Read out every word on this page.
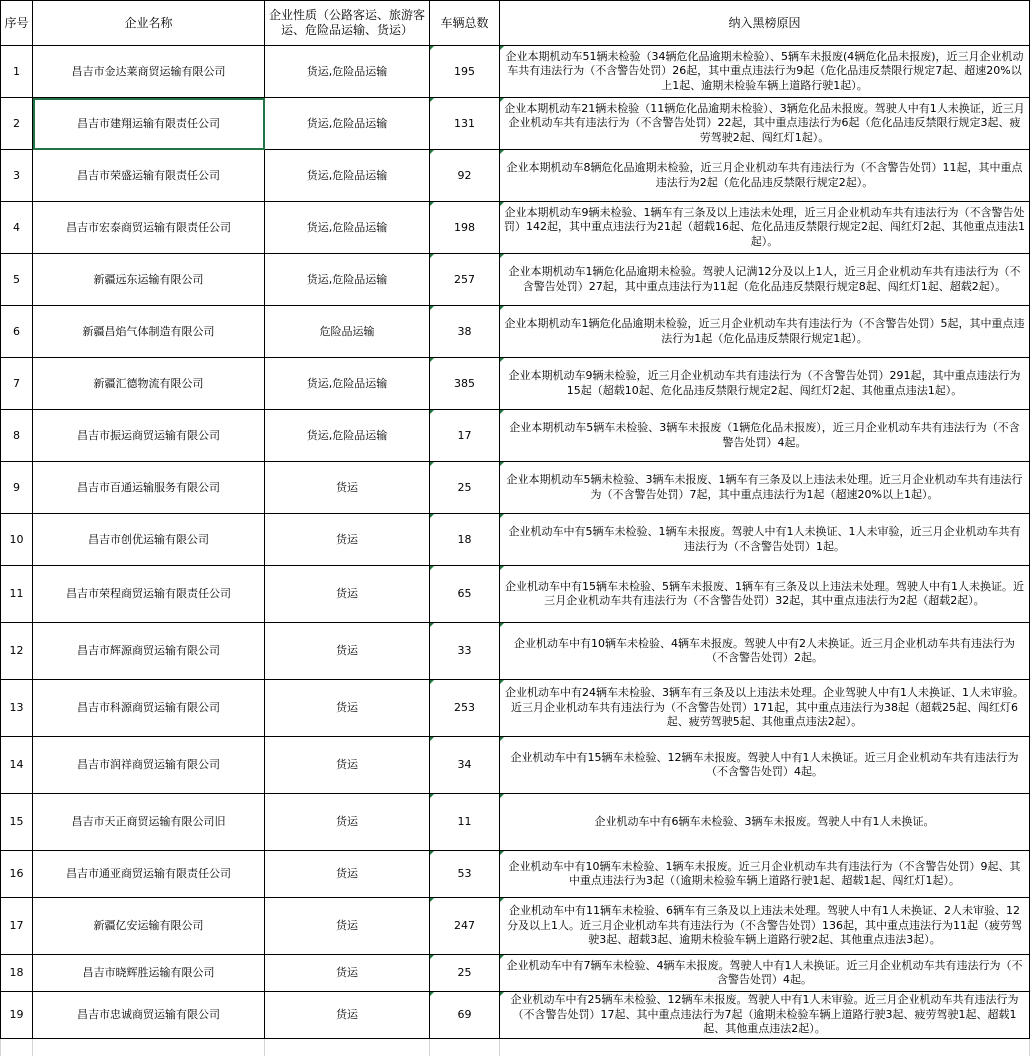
序号	企业名称	企业性质（公路客运、旅游客运、危险品运输、货运）	车辆总数	纳入黑榜原因
1	昌吉市金达莱商贸运输有限公司	货运,危险品运输	195	企业本期机动车51辆未检验（34辆危化品逾期未检验）、5辆车未报废(4辆危化品未报废)，近三月企业机动车共有违法行为（不含警告处罚）26起，其中重点违法行为9起（危化品违反禁限行规定7起、超速20%以上1起、逾期未检验车辆上道路行驶1起）。
2	昌吉市建翔运输有限责任公司	货运,危险品运输	131	企业本期机动车21辆未检验（11辆危化品逾期未检验）、3辆危化品未报废。驾驶人中有1人未换证，近三月企业机动车共有违法行为（不含警告处罚）22起，其中重点违法行为6起（危化品违反禁限行规定3起、疲劳驾驶2起、闯红灯1起）。
3	昌吉市荣盛运输有限责任公司	货运,危险品运输	92	企业本期机动车8辆危化品逾期未检验，近三月企业机动车共有违法行为（不含警告处罚）11起，其中重点违法行为2起（危化品违反禁限行规定2起）。
4	昌吉市宏泰商贸运输有限责任公司	货运,危险品运输	198	企业本期机动车9辆未检验、1辆车有三条及以上违法未处理，近三月企业机动车共有违法行为（不含警告处罚）142起，其中重点违法行为21起（超载16起、危化品违反禁限行规定2起、闯红灯2起、其他重点违法1起）。
5	新疆远东运输有限公司	货运,危险品运输	257	企业本期机动车1辆危化品逾期未检验。驾驶人记满12分及以上1人，近三月企业机动车共有违法行为（不含警告处罚）27起，其中重点违法行为11起（危化品违反禁限行规定8起、闯红灯1起、超载2起）。
6	新疆昌焰气体制造有限公司	危险品运输	38	企业本期机动车1辆危化品逾期未检验，近三月企业机动车共有违法行为（不含警告处罚）5起，其中重点违法行为1起（危化品违反禁限行规定1起）。
7	新疆汇德物流有限公司	货运,危险品运输	385	企业本期机动车9辆未检验，近三月企业机动车共有违法行为（不含警告处罚）291起，其中重点违法行为15起（超载10起、危化品违反禁限行规定2起、闯红灯2起、其他重点违法1起）。
8	昌吉市振运商贸运输有限公司	货运,危险品运输	17	企业本期机动车5辆车未检验、3辆车未报废（1辆危化品未报废），近三月企业机动车共有违法行为（不含警告处罚）4起。
9	昌吉市百通运输服务有限公司	货运	25	企业本期机动车5辆未检验、3辆车未报废、1辆车有三条及以上违法未处理。近三月企业机动车共有违法行为（不含警告处罚）7起，其中重点违法行为1起（超速20%以上1起）。
10	昌吉市创优运输有限公司	货运	18	企业机动车中有5辆车未检验、1辆车未报废。驾驶人中有1人未换证、1人未审验，近三月企业机动车共有违法行为（不含警告处罚）1起。
11	昌吉市荣程商贸运输有限责任公司	货运	65	企业机动车中有15辆车未检验、5辆车未报废、1辆车有三条及以上违法未处理。驾驶人中有1人未换证。近三月企业机动车共有违法行为（不含警告处罚）32起，其中重点违法行为2起（超载2起）。
12	昌吉市辉源商贸运输有限公司	货运	33	企业机动车中有10辆车未检验、4辆车未报废。驾驶人中有2人未换证。近三月企业机动车共有违法行为（不含警告处罚）2起。
13	昌吉市科源商贸运输有限公司	货运	253	企业机动车中有24辆车未检验、3辆车有三条及以上违法未处理。企业驾驶人中有1人未换证、1人未审验。近三月企业机动车共有违法行为（不含警告处罚）171起，其中重点违法行为38起（超载25起、闯红灯6起、疲劳驾驶5起、其他重点违法2起）。
14	昌吉市润祥商贸运输有限公司	货运	34	企业机动车中有15辆车未检验、12辆车未报废。驾驶人中有1人未换证。近三月企业机动车共有违法行为（不含警告处罚）4起。
15	昌吉市天正商贸运输有限公司旧	货运	11	企业机动车中有6辆车未检验、3辆车未报废。驾驶人中有1人未换证。
16	昌吉市通亚商贸运输有限责任公司	货运	53	企业机动车中有10辆车未检验、1辆车未报废。近三月企业机动车共有违法行为（不含警告处罚）9起、其中重点违法行为3起（（逾期未检验车辆上道路行驶1起、超载1起、闯红灯1起）。
17	新疆亿安运输有限公司	货运	247	企业机动车中有11辆车未检验、6辆车有三条及以上违法未处理。驾驶人中有1人未换证、2人未审验、12分及以上1人。近三月企业机动车共有违法行为（不含警告处罚）136起，其中重点违法行为11起（疲劳驾驶3起、超载3起、逾期未检验车辆上道路行驶2起、其他重点违法3起）。
18	昌吉市晓辉胜运输有限公司	货运	25	企业机动车中有7辆车未检验、4辆车未报废。驾驶人中有1人未换证。近三月企业机动车共有违法行为（不含警告处罚）4起。
19	昌吉市忠诚商贸运输有限公司	货运	69	企业机动车中有25辆车未检验、12辆车未报废。驾驶人中有1人未审验。近三月企业机动车共有违法行为（不含警告处罚）17起、其中重点违法行为7起（逾期未检验车辆上道路行驶3起、疲劳驾驶1起、超载1起、其他重点违法2起）。
